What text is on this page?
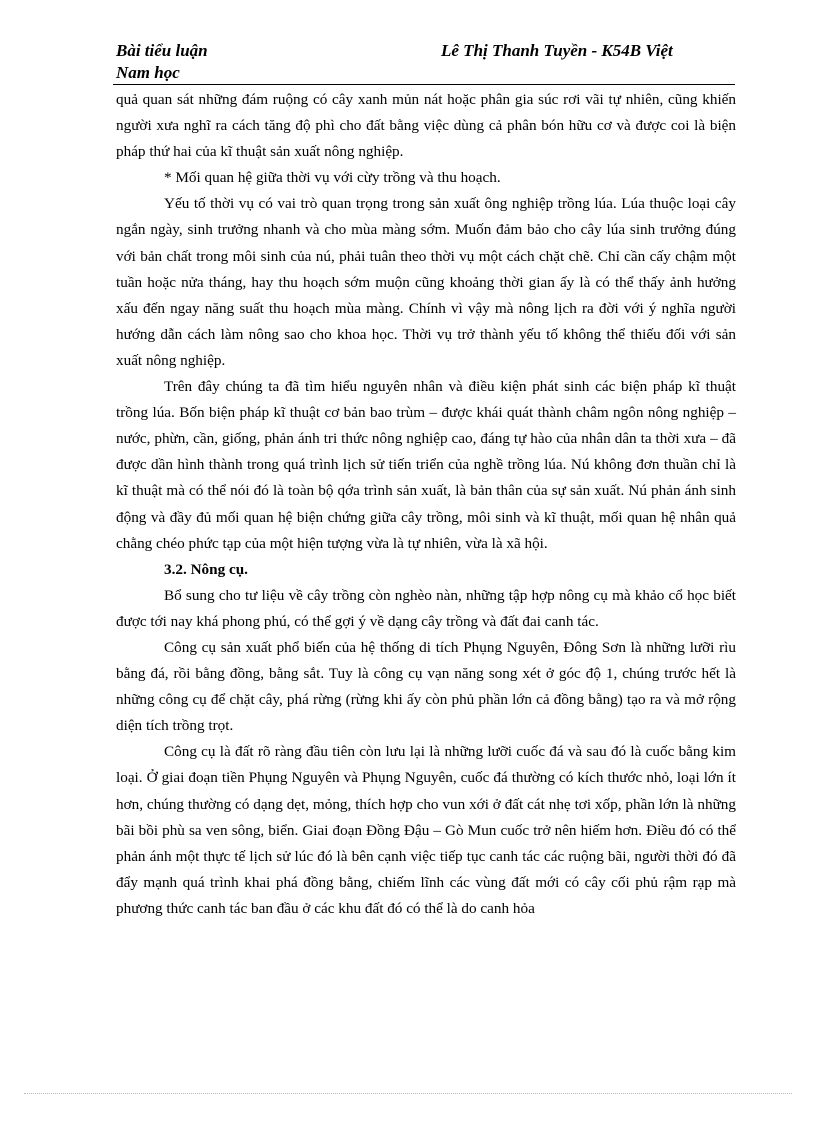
Bài tiểu luận
Nam học
Lê Thị Thanh Tuyền - K54B Việt

quả quan sát những đám ruộng có cây xanh mủn nát hoặc phân gia súc rơi vãi tự nhiên, cũng khiến người xưa nghĩ ra cách tăng độ phì cho đất bằng việc dùng cả phân bón hữu cơ và được coi là biện pháp thứ hai của kĩ thuật sản xuất nông nghiệp.

* Mối quan hệ giữa thời vụ với cừy trồng và thu hoạch.

Yếu tố thời vụ có vai trò quan trọng trong sản xuất ông nghiệp trồng lúa. Lúa thuộc loại cây ngắn ngày, sinh trưởng nhanh và cho mùa màng sớm. Muốn đảm bảo cho cây lúa sinh trưởng đúng với bản chất trong môi sinh của nú, phải tuân theo thời vụ một cách chặt chẽ. Chỉ cần cấy chậm một tuần hoặc nửa tháng, hay thu hoạch sớm muộn cũng khoảng thời gian ấy là có thể thấy ảnh hưởng xấu đến ngay năng suất thu hoạch mùa màng. Chính vì vậy mà nông lịch ra đời với ý nghĩa người hướng dẫn cách làm nông sao cho khoa học. Thời vụ trở thành yếu tố không thể thiếu đối với sản xuất nông nghiệp.

Trên đây chúng ta đã tìm hiểu nguyên nhân và điều kiện phát sinh các biện pháp kĩ thuật trồng lúa. Bốn biện pháp kĩ thuật cơ bản bao trùm – được khái quát thành châm ngôn nông nghiệp – nước, phừn, cần, giống, phản ánh tri thức nông nghiệp cao, đáng tự hào của nhân dân ta thời xưa – đã được dần hình thành trong quá trình lịch sử tiến triển của nghề trồng lúa. Nú không đơn thuần chỉ là kĩ thuật mà có thể nói đó là toàn bộ qớa trình sản xuất, là bản thân của sự sản xuất. Nú phản ánh sinh động và đầy đủ mối quan hệ biện chứng giữa cây trồng, môi sinh và kĩ thuật, mối quan hệ nhân quả chằng chéo phức tạp của một hiện tượng vừa là tự nhiên, vừa là xã hội.

3.2. Nông cụ.

Bổ sung cho tư liệu về cây trồng còn nghèo nàn, những tập hợp nông cụ mà khảo cổ học biết được tới nay khá phong phú, có thể gợi ý về dạng cây trồng và đất đai canh tác.

Công cụ sản xuất phổ biến của hệ thống di tích Phụng Nguyên, Đông Sơn là những lưỡi rìu bằng đá, rồi bằng đồng, bằng sắt. Tuy là công cụ vạn năng song xét ở góc độ 1, chúng trước hết là những công cụ để chặt cây, phá rừng (rừng khi ấy còn phủ phần lớn cả đồng bằng) tạo ra và mở rộng diện tích trồng trọt.

Công cụ là đất rõ ràng đầu tiên còn lưu lại là những lưỡi cuốc đá và sau đó là cuốc bằng kim loại. Ở giai đoạn tiền Phụng Nguyên và Phụng Nguyên, cuốc đá thường có kích thước nhỏ, loại lớn ít hơn, chúng thường có dạng dẹt, mỏng, thích hợp cho vun xới ở đất cát nhẹ tơi xốp, phần lớn là những bãi bồi phù sa ven sông, biển. Giai đoạn Đồng Đậu – Gò Mun cuốc trở nên hiếm hơn. Điều đó có thể phản ánh một thực tế lịch sử lúc đó là bên cạnh việc tiếp tục canh tác các ruộng bãi, người thời đó đã đẩy mạnh quá trình khai phá đồng bằng, chiếm lĩnh các vùng đất mới có cây cối phủ rậm rạp mà phương thức canh tác ban đầu ở các khu đất đó có thể là do canh hỏa
